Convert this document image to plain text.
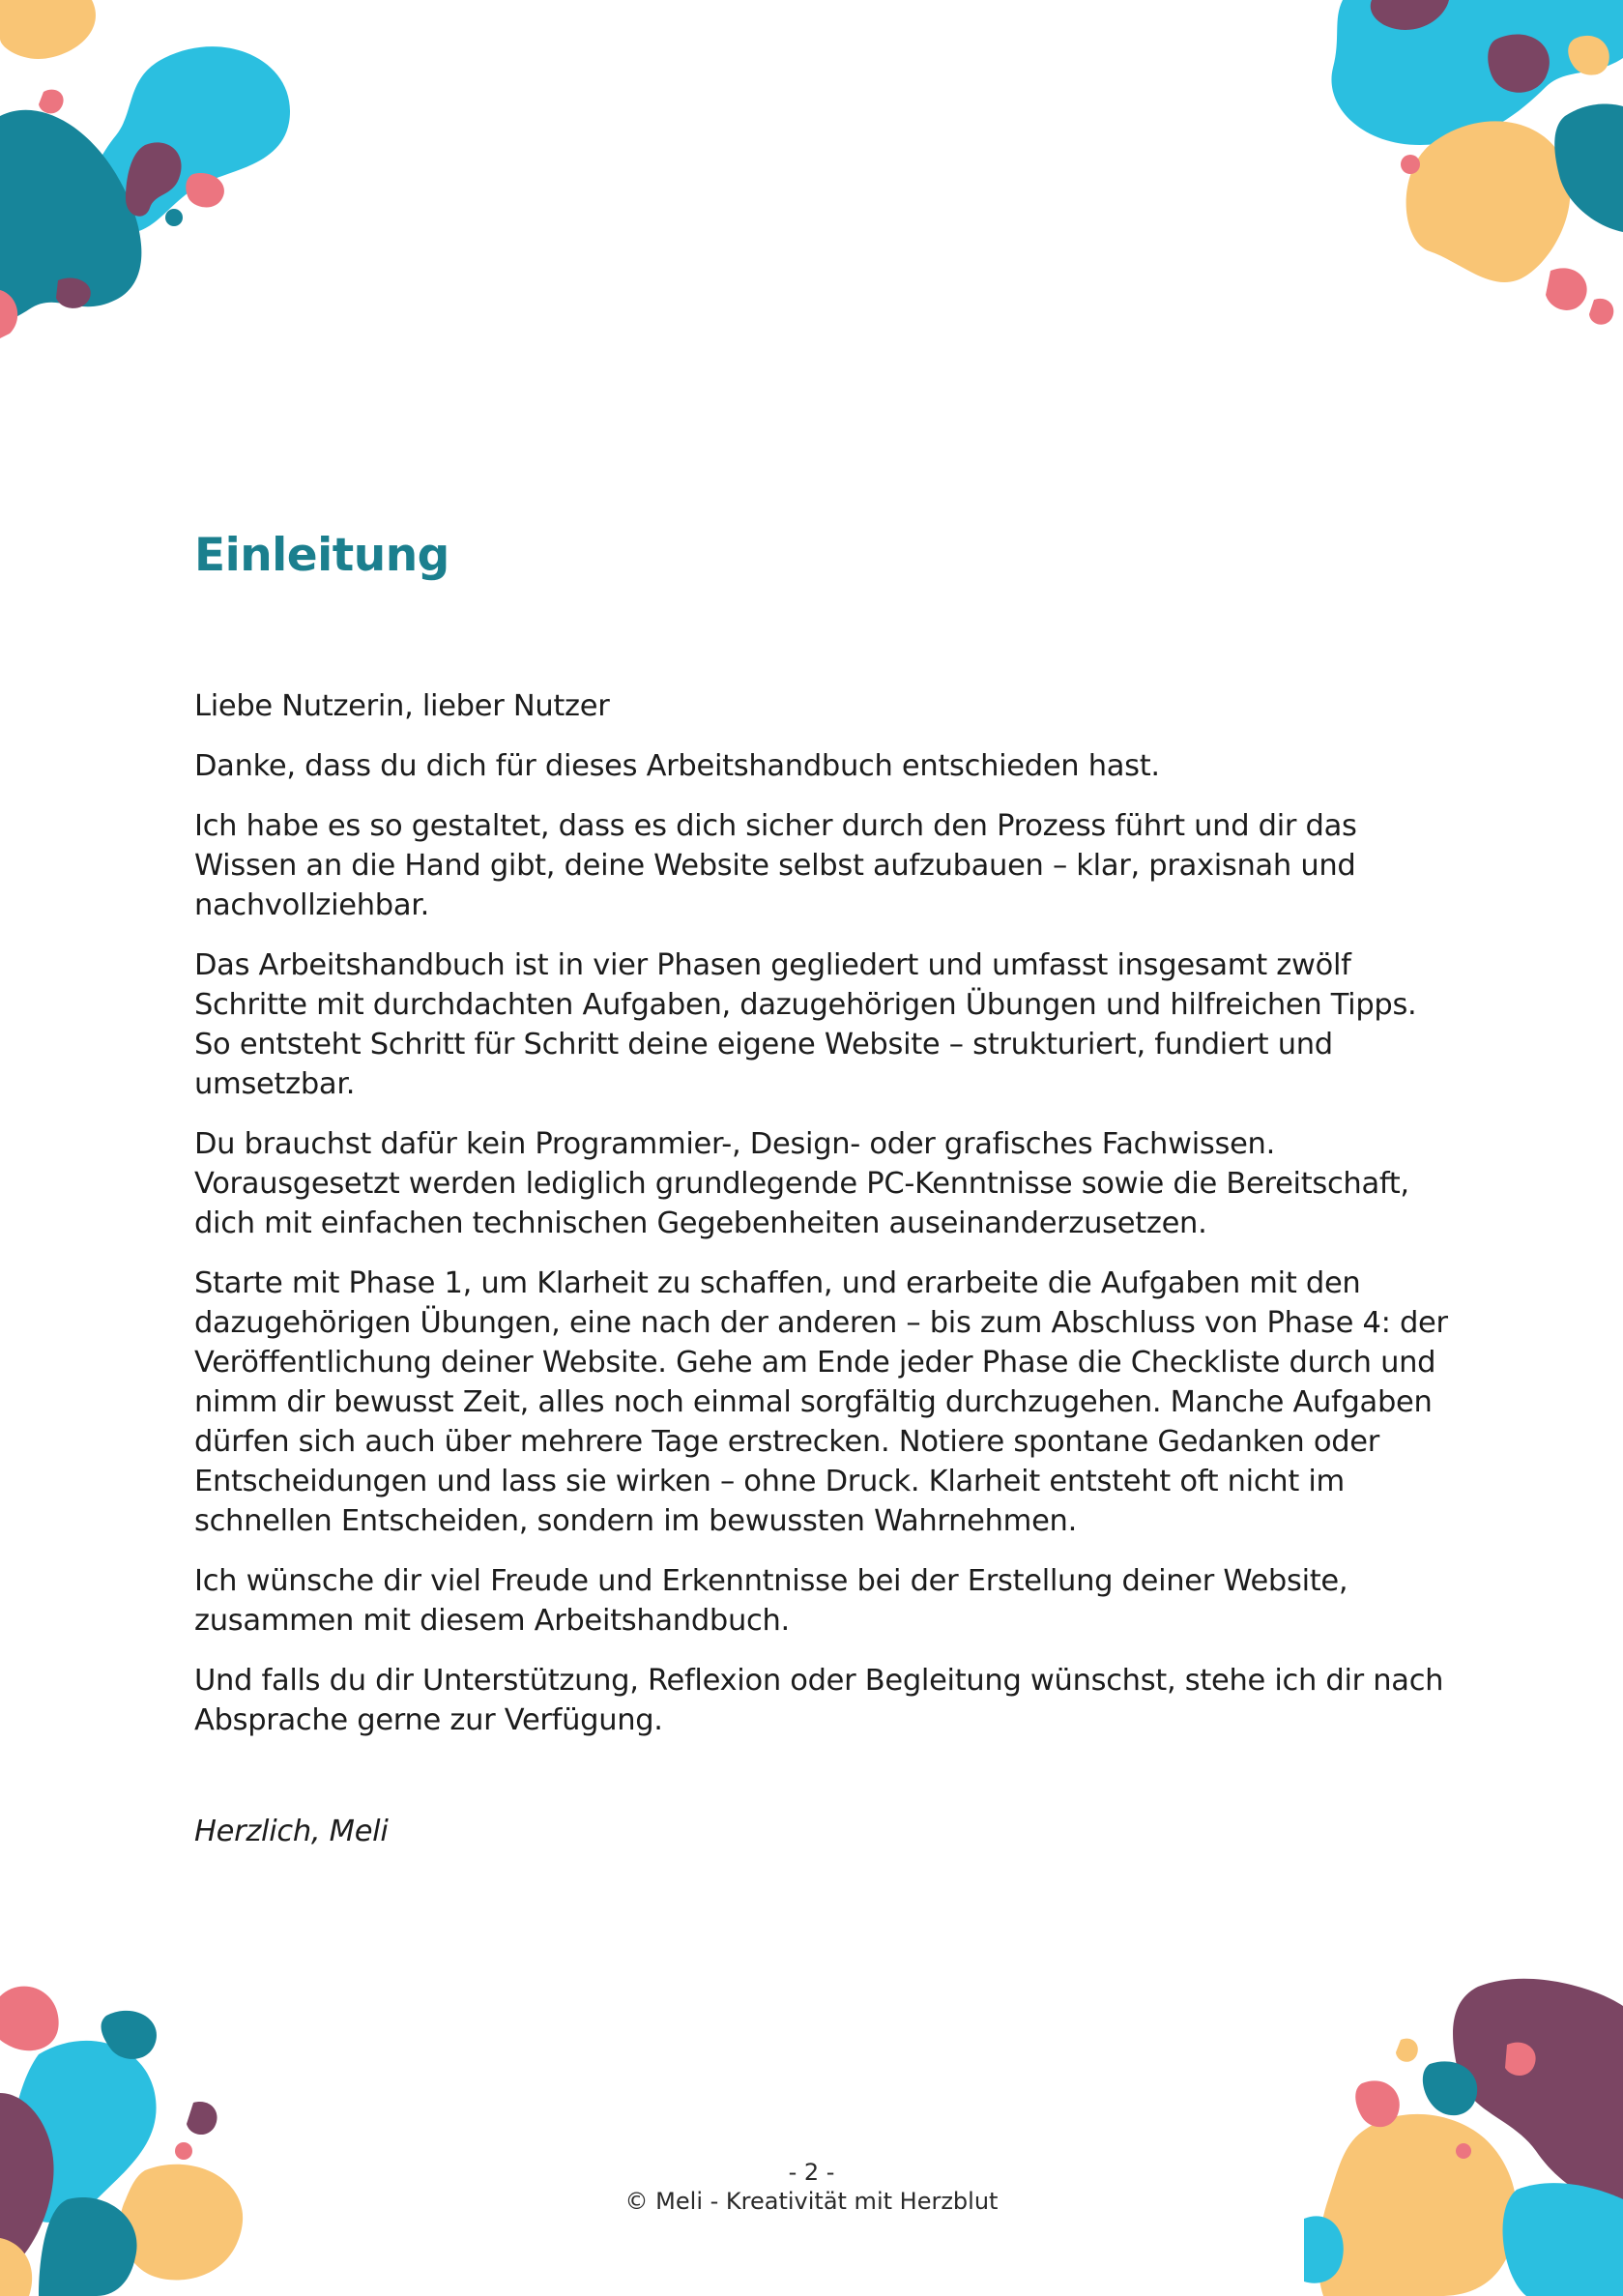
Einleitung

Liebe Nutzerin, lieber Nutzer

Danke, dass du dich für dieses Arbeitshandbuch entschieden hast.

Ich habe es so gestaltet, dass es dich sicher durch den Prozess führt und dir das Wissen an die Hand gibt, deine Website selbst aufzubauen – klar, praxisnah und nachvollziehbar.

Das Arbeitshandbuch ist in vier Phasen gegliedert und umfasst insgesamt zwölf Schritte mit durchdachten Aufgaben, dazugehörigen Übungen und hilfreichen Tipps. So entsteht Schritt für Schritt deine eigene Website – strukturiert, fundiert und umsetzbar.

Du brauchst dafür kein Programmier-, Design- oder grafisches Fachwissen. Vorausgesetzt werden lediglich grundlegende PC-Kenntnisse sowie die Bereitschaft, dich mit einfachen technischen Gegebenheiten auseinanderzusetzen.

Starte mit Phase 1, um Klarheit zu schaffen, und erarbeite die Aufgaben mit den dazugehörigen Übungen, eine nach der anderen – bis zum Abschluss von Phase 4: der Veröffentlichung deiner Website. Gehe am Ende jeder Phase die Checkliste durch und nimm dir bewusst Zeit, alles noch einmal sorgfältig durchzugehen. Manche Aufgaben dürfen sich auch über mehrere Tage erstrecken. Notiere spontane Gedanken oder Entscheidungen und lass sie wirken – ohne Druck. Klarheit entsteht oft nicht im schnellen Entscheiden, sondern im bewussten Wahrnehmen.

Ich wünsche dir viel Freude und Erkenntnisse bei der Erstellung deiner Website, zusammen mit diesem Arbeitshandbuch.

Und falls du dir Unterstützung, Reflexion oder Begleitung wünschst, stehe ich dir nach Absprache gerne zur Verfügung.

Herzlich, Meli
- 2 -
© Meli - Kreativität mit Herzblut
